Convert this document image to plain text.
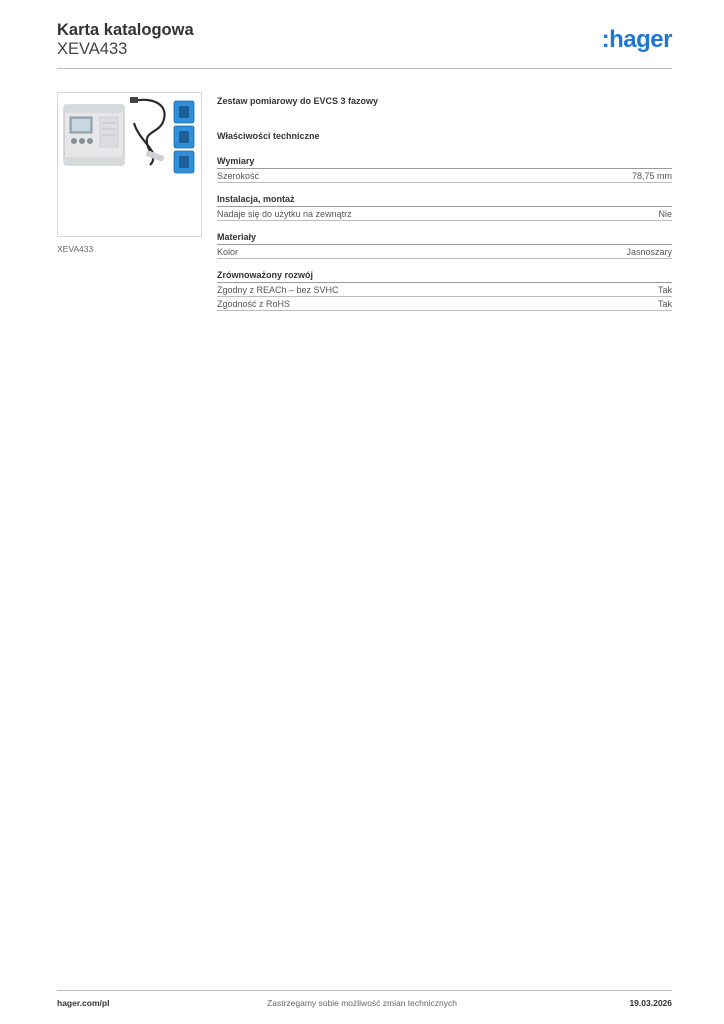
Karta katalogowa
XEVA433	:hager
XEVA433
Zestaw pomiarowy do EVCS 3 fazowy
Właściwości techniczne
Wymiary
Szerokość	78,75 mm
Instalacja, montaż
Nadaje się do użytku na zewnątrz	Nie
Materiały
Kolor	Jasnoszary
Zrównoważony rozwój
Zgodny z REACh – bez SVHC	Tak
Zgodność z RoHS	Tak
hager.com/pl	Zastrzegamy sobie możliwość zmian technicznych	19.03.2026
